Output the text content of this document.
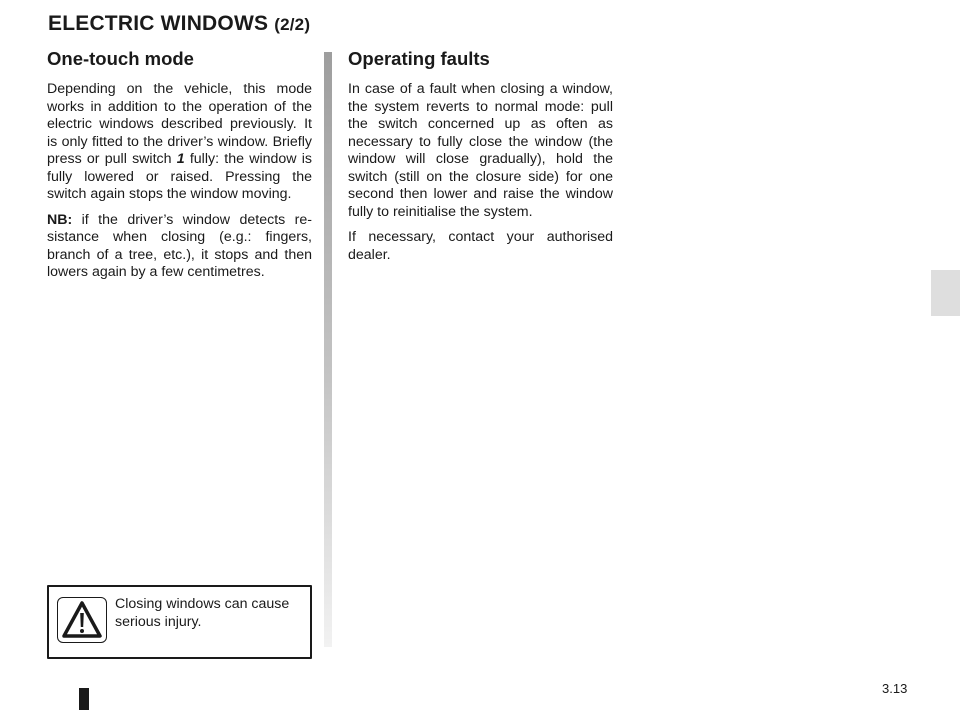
ELECTRIC WINDOWS (2/2)
One-touch mode

Depending on the vehicle, this mode works in addition to the operation of the electric windows described previously. It is only fitted to the driver’s window. Briefly press or pull switch 1 fully: the window is fully lowered or raised. Pressing the switch again stops the window moving.

NB: if the driver’s window detects re-sistance when closing (e.g.: fingers, branch of a tree, etc.), it stops and then lowers again by a few centimetres.

Operating faults

In case of a fault when closing a window, the system reverts to normal mode: pull the switch concerned up as often as necessary to fully close the window (the window will close gradually), hold the switch (still on the closure side) for one second then lower and raise the window fully to reinitialise the system.

If necessary, contact your authorised dealer.

Closing windows can cause serious injury.
3.13
